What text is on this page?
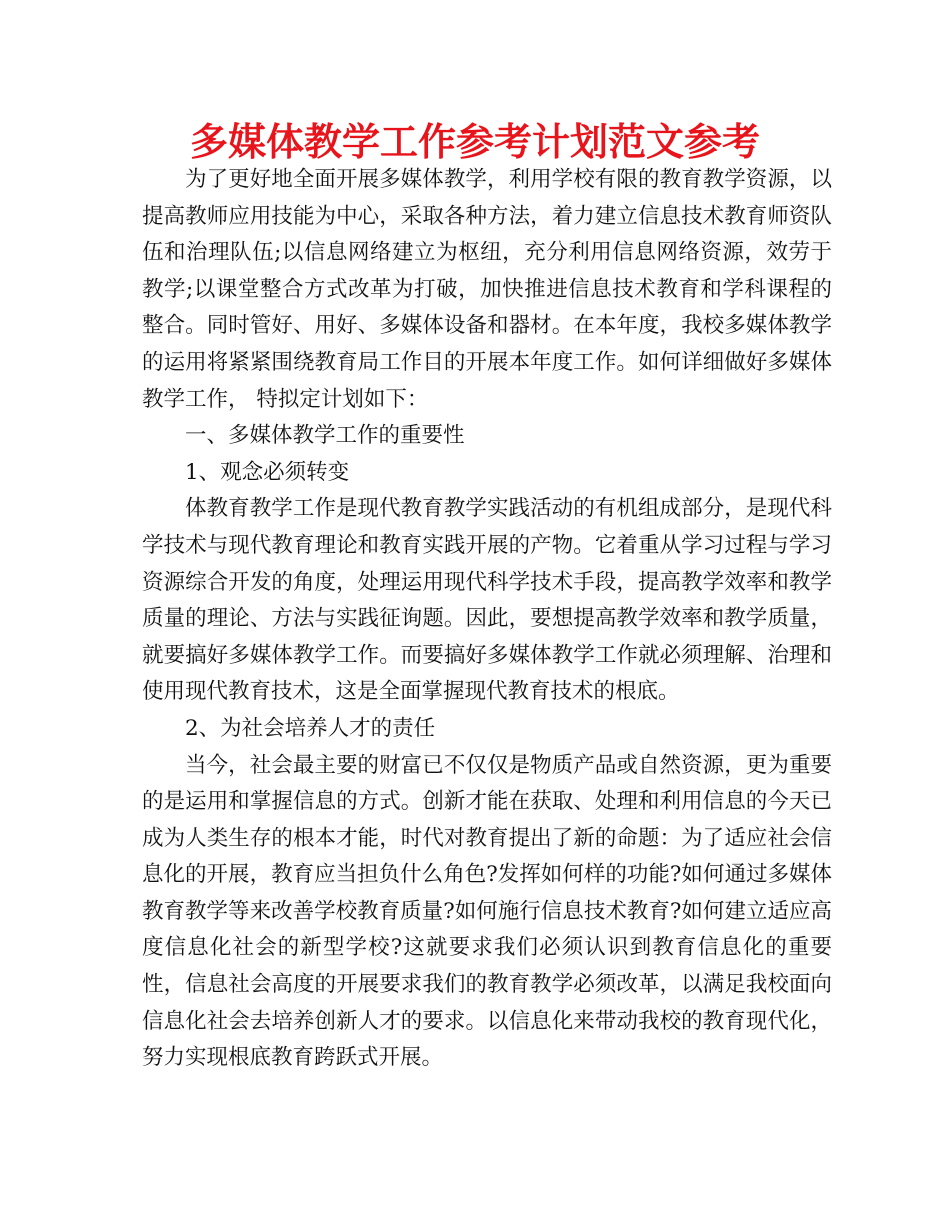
多媒体教学工作参考计划范文参考

为了更好地全面开展多媒体教学，利用学校有限的教育教学资源，以提高教师应用技能为中心，采取各种方法，着力建立信息技术教育师资队伍和治理队伍;以信息网络建立为枢纽，充分利用信息网络资源，效劳于教学;以课堂整合方式改革为打破，加快推进信息技术教育和学科课程的整合。同时管好、用好、多媒体设备和器材。在本年度，我校多媒体教学的运用将紧紧围绕教育局工作目的开展本年度工作。如何详细做好多媒体教学工作， 特拟定计划如下：

一、多媒体教学工作的重要性

1、观念必须转变

体教育教学工作是现代教育教学实践活动的有机组成部分，是现代科学技术与现代教育理论和教育实践开展的产物。它着重从学习过程与学习资源综合开发的角度，处理运用现代科学技术手段，提高教学效率和教学质量的理论、方法与实践征询题。因此，要想提高教学效率和教学质量，就要搞好多媒体教学工作。而要搞好多媒体教学工作就必须理解、治理和使用现代教育技术，这是全面掌握现代教育技术的根底。

2、为社会培养人才的责任

当今，社会最主要的财富已不仅仅是物质产品或自然资源，更为重要的是运用和掌握信息的方式。创新才能在获取、处理和利用信息的今天已成为人类生存的根本才能，时代对教育提出了新的命题：为了适应社会信息化的开展，教育应当担负什么角色?发挥如何样的功能?如何通过多媒体教育教学等来改善学校教育质量?如何施行信息技术教育?如何建立适应高度信息化社会的新型学校?这就要求我们必须认识到教育信息化的重要性，信息社会高度的开展要求我们的教育教学必须改革，以满足我校面向信息化社会去培养创新人才的要求。以信息化来带动我校的教育现代化，努力实现根底教育跨跃式开展。
